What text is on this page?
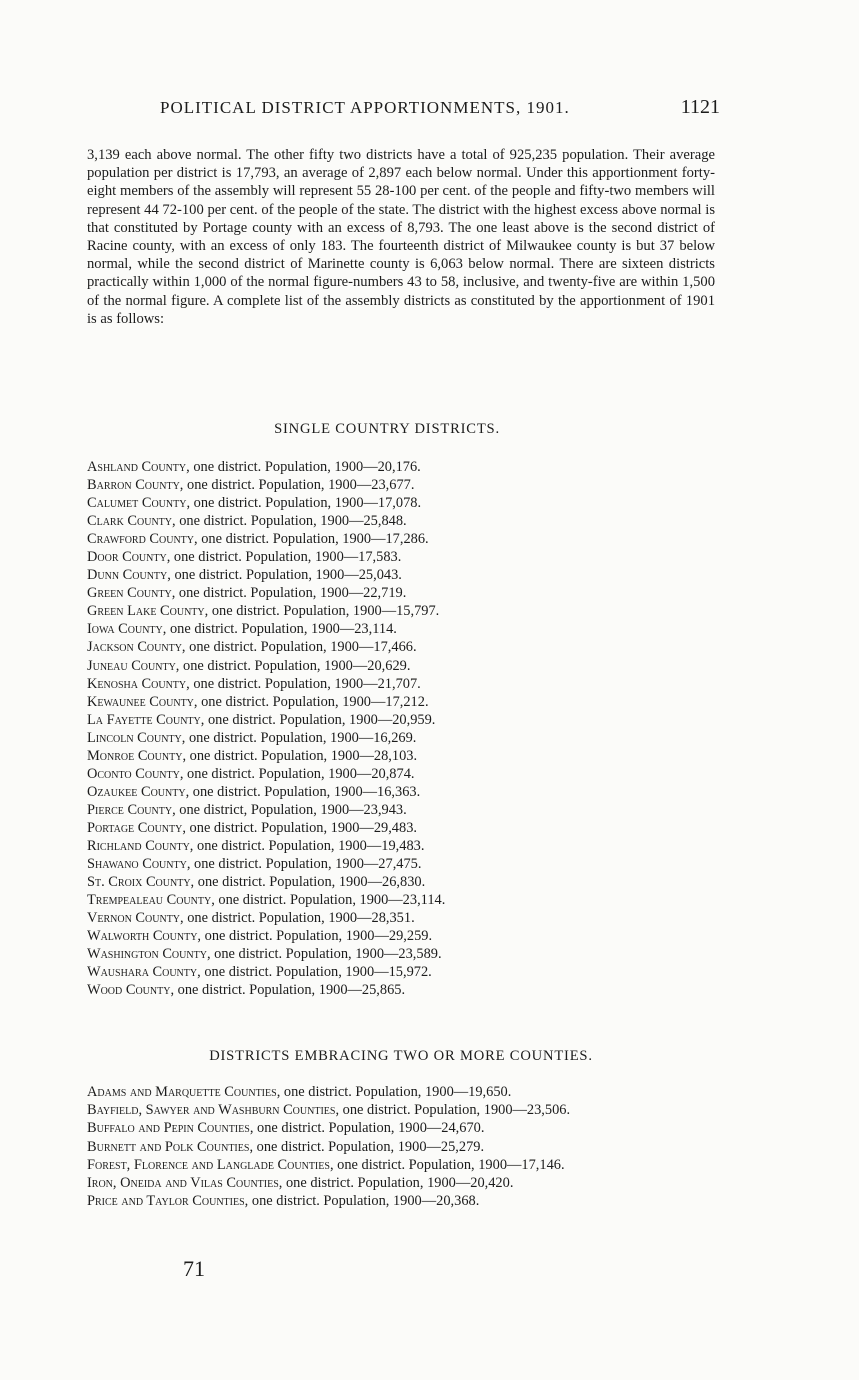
POLITICAL DISTRICT APPORTIONMENTS, 1901.	1121

3,139 each above normal. The other fifty two districts have a total of 925,235 population. Their average population per district is 17,793, an average of 2,897 each below normal. Under this apportionment forty-eight members of the assembly will represent 55 28-100 per cent. of the people and fifty-two members will represent 44 72-100 per cent. of the people of the state. The district with the highest excess above normal is that constituted by Portage county with an excess of 8,793. The one least above is the second district of Racine county, with an excess of only 183. The fourteenth district of Milwaukee county is but 37 below normal, while the second district of Marinette county is 6,063 below normal. There are sixteen districts practically within 1,000 of the normal figure-numbers 43 to 58, inclusive, and twenty-five are within 1,500 of the normal figure. A complete list of the assembly districts as constituted by the apportionment of 1901 is as follows:

SINGLE COUNTRY DISTRICTS.
Ashland County, one district. Population, 1900—20,176.
Barron County, one district. Population, 1900—23,677.
Calumet County, one district. Population, 1900—17,078.
Clark County, one district. Population, 1900—25,848.
Crawford County, one district. Population, 1900—17,286.
Door County, one district. Population, 1900—17,583.
Dunn County, one district. Population, 1900—25,043.
Green County, one district. Population, 1900—22,719.
Green Lake County, one district. Population, 1900—15,797.
Iowa County, one district. Population, 1900—23,114.
Jackson County, one district. Population, 1900—17,466.
Juneau County, one district. Population, 1900—20,629.
Kenosha County, one district. Population, 1900—21,707.
Kewaunee County, one district. Population, 1900—17,212.
La Fayette County, one district. Population, 1900—20,959.
Lincoln County, one district. Population, 1900—16,269.
Monroe County, one district. Population, 1900—28,103.
Oconto County, one district. Population, 1900—20,874.
Ozaukee County, one district. Population, 1900—16,363.
Pierce County, one district, Population, 1900—23,943.
Portage County, one district. Population, 1900—29,483.
Richland County, one district. Population, 1900—19,483.
Shawano County, one district. Population, 1900—27,475.
St. Croix County, one district. Population, 1900—26,830.
Trempealeau County, one district. Population, 1900—23,114.
Vernon County, one district. Population, 1900—28,351.
Walworth County, one district. Population, 1900—29,259.
Washington County, one district. Population, 1900—23,589.
Waushara County, one district. Population, 1900—15,972.
Wood County, one district. Population, 1900—25,865.
DISTRICTS EMBRACING TWO OR MORE COUNTIES.
Adams and Marquette Counties, one district. Population, 1900—19,650.
Bayfield, Sawyer and Washburn Counties, one district. Population, 1900—23,506.
Buffalo and Pepin Counties, one district. Population, 1900—24,670.
Burnett and Polk Counties, one district. Population, 1900—25,279.
Forest, Florence and Langlade Counties, one district. Population, 1900—17,146.
Iron, Oneida and Vilas Counties, one district. Population, 1900—20,420.
Price and Taylor Counties, one district. Population, 1900—20,368.
71
